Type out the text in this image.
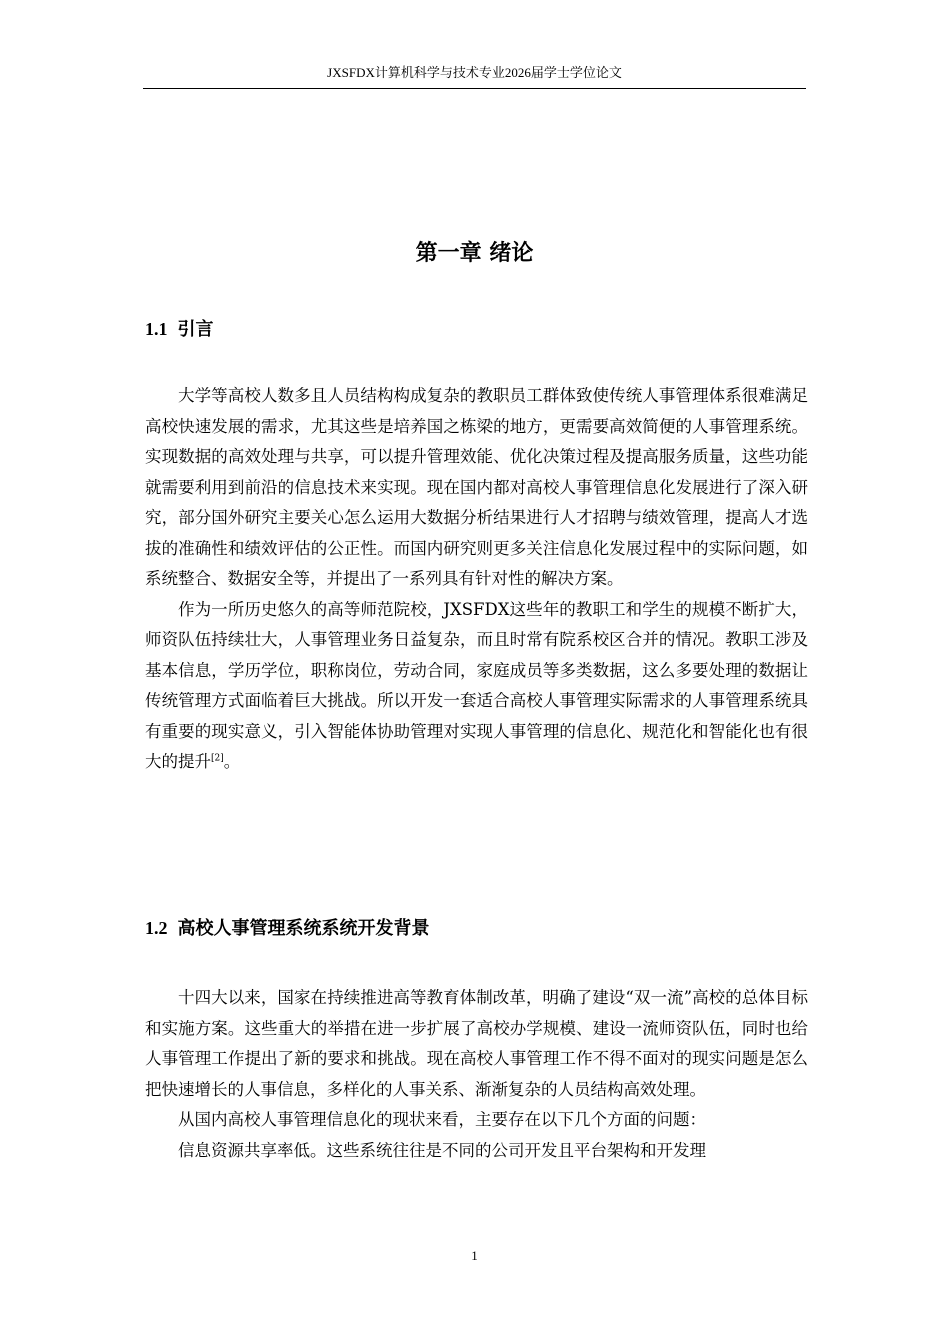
JXSFDX计算机科学与技术专业2026届学士学位论文
第一章 绪论
1.1 引言

大学等高校人数多且人员结构构成复杂的教职员工群体致使传统人事管理体系很难满足高校快速发展的需求，尤其这些是培养国之栋梁的地方，更需要高效简便的人事管理系统。实现数据的高效处理与共享，可以提升管理效能、优化决策过程及提高服务质量，这些功能就需要利用到前沿的信息技术来实现。现在国内都对高校人事管理信息化发展进行了深入研究，部分国外研究主要关心怎么运用大数据分析结果进行人才招聘与绩效管理，提高人才选拔的准确性和绩效评估的公正性。而国内研究则更多关注信息化发展过程中的实际问题，如系统整合、数据安全等，并提出了一系列具有针对性的解决方案。

作为一所历史悠久的高等师范院校，JXSFDX这些年的教职工和学生的规模不断扩大，师资队伍持续壮大，人事管理业务日益复杂，而且时常有院系校区合并的情况。教职工涉及基本信息，学历学位，职称岗位，劳动合同，家庭成员等多类数据，这么多要处理的数据让传统管理方式面临着巨大挑战。所以开发一套适合高校人事管理实际需求的人事管理系统具有重要的现实意义，引入智能体协助管理对实现人事管理的信息化、规范化和智能化也有很大的提升[2]。

1.2 高校人事管理系统系统开发背景

十四大以来，国家在持续推进高等教育体制改革，明确了建设“双一流”高校的总体目标和实施方案。这些重大的举措在进一步扩展了高校办学规模、建设一流师资队伍，同时也给人事管理工作提出了新的要求和挑战。现在高校人事管理工作不得不面对的现实问题是怎么把快速增长的人事信息，多样化的人事关系、渐渐复杂的人员结构高效处理。

从国内高校人事管理信息化的现状来看，主要存在以下几个方面的问题：

信息资源共享率低。这些系统往往是不同的公司开发且平台架构和开发理

1
